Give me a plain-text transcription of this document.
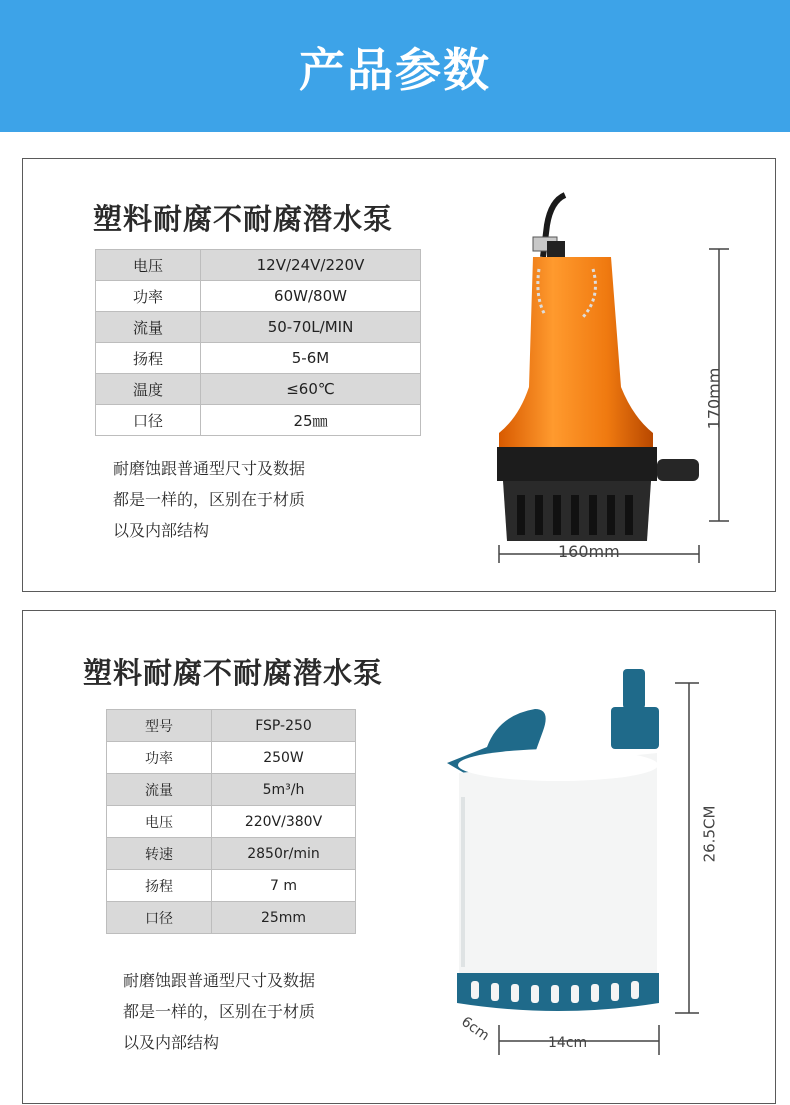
产品参数
塑料耐腐不耐腐潜水泵
电压	12V/24V/220V
功率	60W/80W
流量	50-70L/MIN
扬程	5-6M
温度	≤60℃
口径	25㎜
耐磨蚀跟普通型尺寸及数据
都是一样的，区别在于材质
以及内部结构
160mm
170mm
塑料耐腐不耐腐潜水泵
型号	FSP-250
功率	250W
流量	5m³/h
电压	220V/380V
转速	2850r/min
扬程	7 m
口径	25mm
耐磨蚀跟普通型尺寸及数据
都是一样的，区别在于材质
以及内部结构	14cm
6cm
26.5CM
